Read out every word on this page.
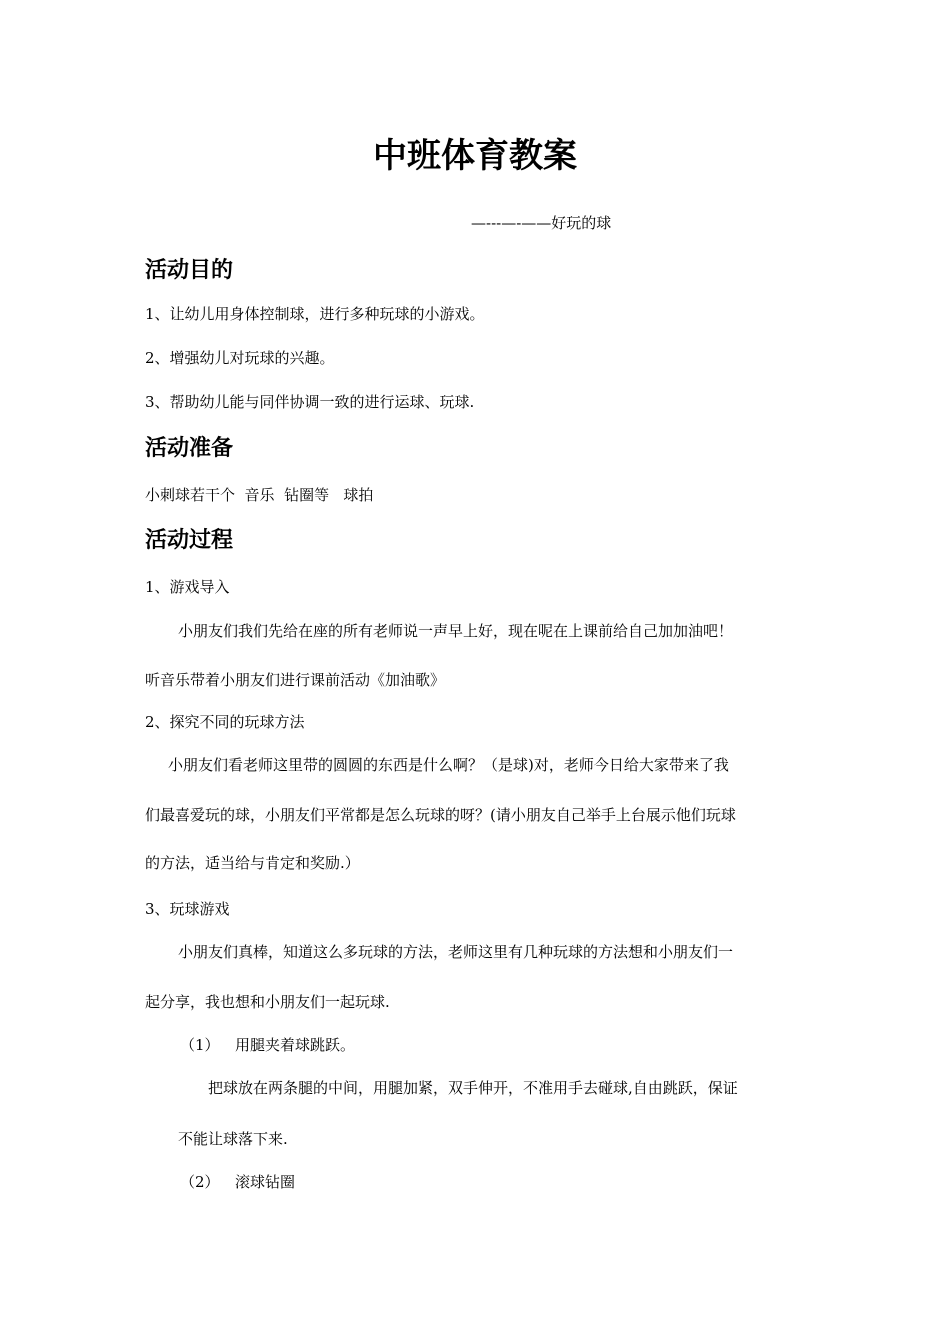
中班体育教案
—---—-——好玩的球
活动目的
1、让幼儿用身体控制球，进行多种玩球的小游戏。
2、增强幼儿对玩球的兴趣。
3、帮助幼儿能与同伴协调一致的进行运球、玩球.
活动准备
小刺球若干个  音乐  钻圈等   球拍
活动过程
1、游戏导入
小朋友们我们先给在座的所有老师说一声早上好，现在呢在上课前给自己加加油吧！
听音乐带着小朋友们进行课前活动《加油歌》
2、探究不同的玩球方法
小朋友们看老师这里带的圆圆的东西是什么啊？（是球)对，老师今日给大家带来了我
们最喜爱玩的球，小朋友们平常都是怎么玩球的呀？(请小朋友自己举手上台展示他们玩球
的方法，适当给与肯定和奖励.）
3、玩球游戏
小朋友们真棒，知道这么多玩球的方法，老师这里有几种玩球的方法想和小朋友们一
起分享，我也想和小朋友们一起玩球.
（1） 用腿夹着球跳跃。
把球放在两条腿的中间，用腿加紧，双手伸开，不准用手去碰球,自由跳跃，保证
不能让球落下来.
（2） 滚球钻圈
